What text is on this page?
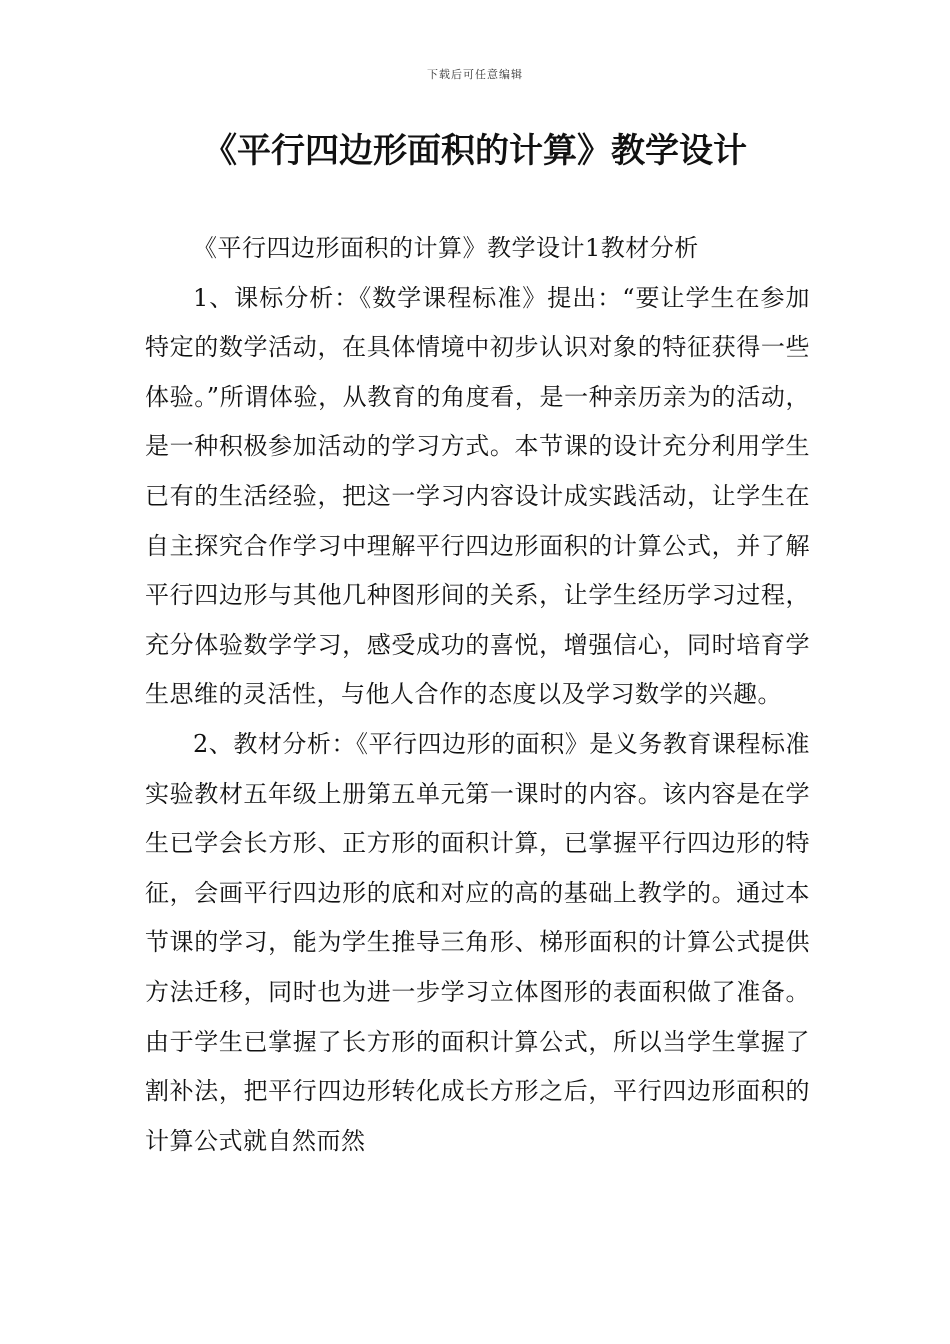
下载后可任意编辑
《平行四边形面积的计算》教学设计

《平行四边形面积的计算》教学设计1教材分析

1、课标分析：《数学课程标准》提出：“要让学生在参加特定的数学活动，在具体情境中初步认识对象的特征获得一些体验。”所谓体验，从教育的角度看，是一种亲历亲为的活动，是一种积极参加活动的学习方式。本节课的设计充分利用学生已有的生活经验，把这一学习内容设计成实践活动，让学生在自主探究合作学习中理解平行四边形面积的计算公式，并了解平行四边形与其他几种图形间的关系，让学生经历学习过程，充分体验数学学习，感受成功的喜悦，增强信心，同时培育学生思维的灵活性，与他人合作的态度以及学习数学的兴趣。

2、教材分析：《平行四边形的面积》是义务教育课程标准实验教材五年级上册第五单元第一课时的内容。该内容是在学生已学会长方形、正方形的面积计算，已掌握平行四边形的特征，会画平行四边形的底和对应的高的基础上教学的。通过本节课的学习，能为学生推导三角形、梯形面积的计算公式提供方法迁移，同时也为进一步学习立体图形的表面积做了准备。由于学生已掌握了长方形的面积计算公式，所以当学生掌握了割补法，把平行四边形转化成长方形之后，平行四边形面积的计算公式就自然而然
